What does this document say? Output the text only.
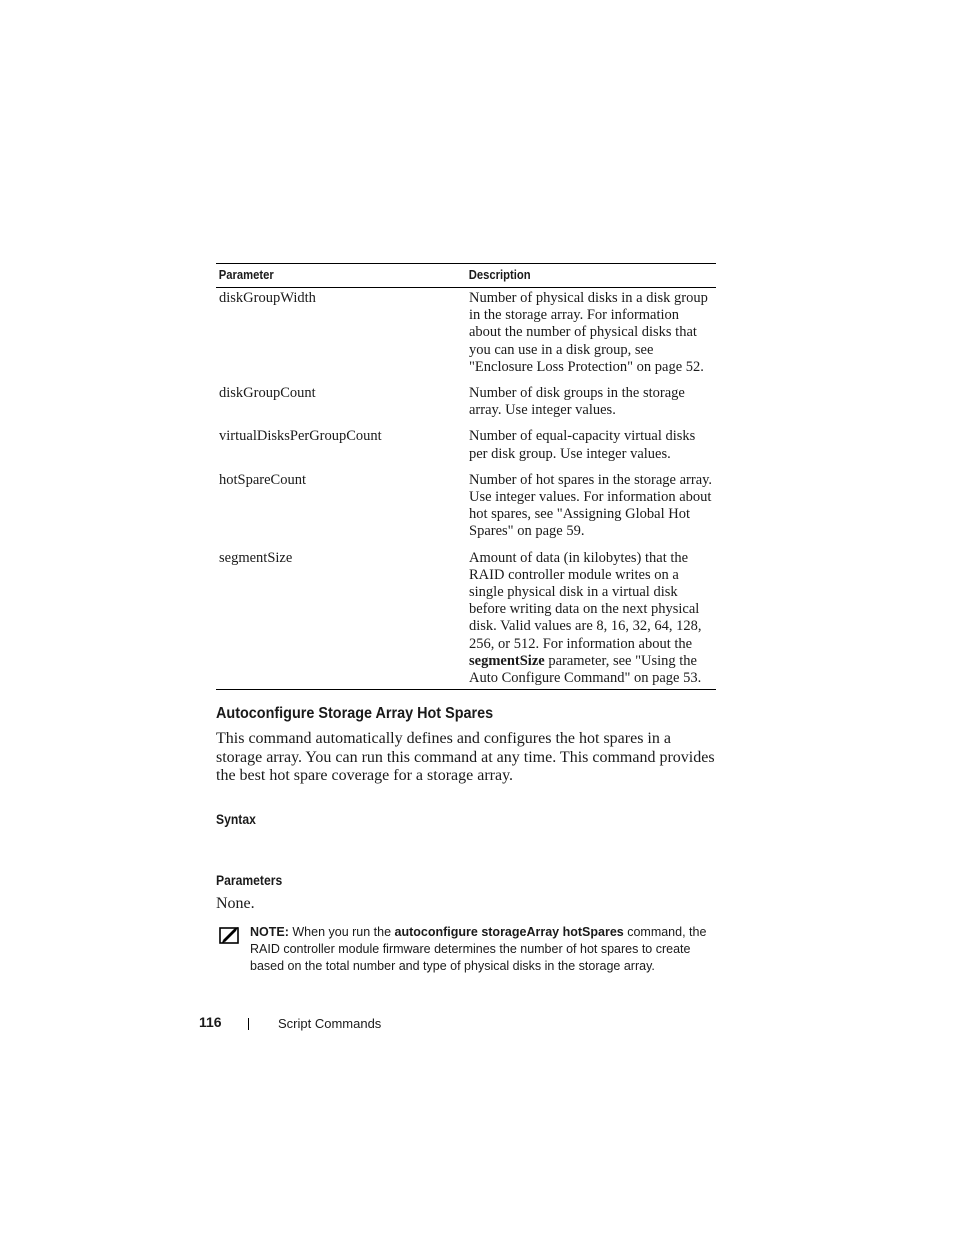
Parameter	Description
diskGroupWidth	Number of physical disks in a disk group in the storage array. For information about the number of physical disks that you can use in a disk group, see "Enclosure Loss Protection" on page 52.
diskGroupCount	Number of disk groups in the storage array. Use integer values.
virtualDisksPerGroupCount	Number of equal-capacity virtual disks per disk group. Use integer values.
hotSpareCount	Number of hot spares in the storage array. Use integer values. For information about hot spares, see "Assigning Global Hot Spares" on page 59.
segmentSize	Amount of data (in kilobytes) that the RAID controller module writes on a single physical disk in a virtual disk before writing data on the next physical disk. Valid values are 8, 16, 32, 64, 128, 256, or 512. For information about the segmentSize parameter, see "Using the Auto Configure Command" on page 53.
Autoconfigure Storage Array Hot Spares

This command automatically defines and configures the hot spares in a storage array. You can run this command at any time. This command provides the best hot spare coverage for a storage array.

Syntax
Parameters

None.

NOTE: When you run the autoconfigure storageArray hotSpares command, the RAID controller module firmware determines the number of hot spares to create based on the total number and type of physical disks in the storage array.
116	Script Commands
